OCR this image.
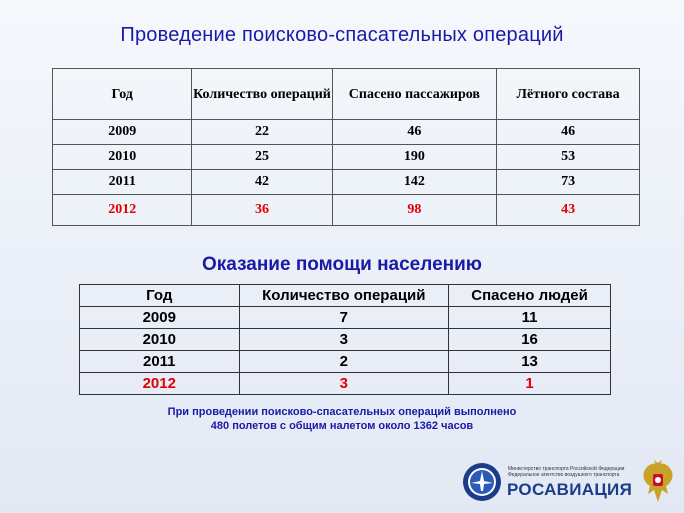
Проведение поисково-спасательных операций
Год	Количество операций	Спасено пассажиров	Лётного состава
2009	22	46	46
2010	25	190	53
2011	42	142	73
2012	36	98	43
Оказание помощи населению
Год	Количество операций	Спасено людей
2009	7	11
2010	3	16
2011	2	13
2012	3	1
При проведении поисково-спасательных операций выполнено
480 полетов с общим налетом около 1362 часов
Министерство транспорта Российской Федерации
Федеральное агентство воздушного транспорта
РОСАВИАЦИЯ
